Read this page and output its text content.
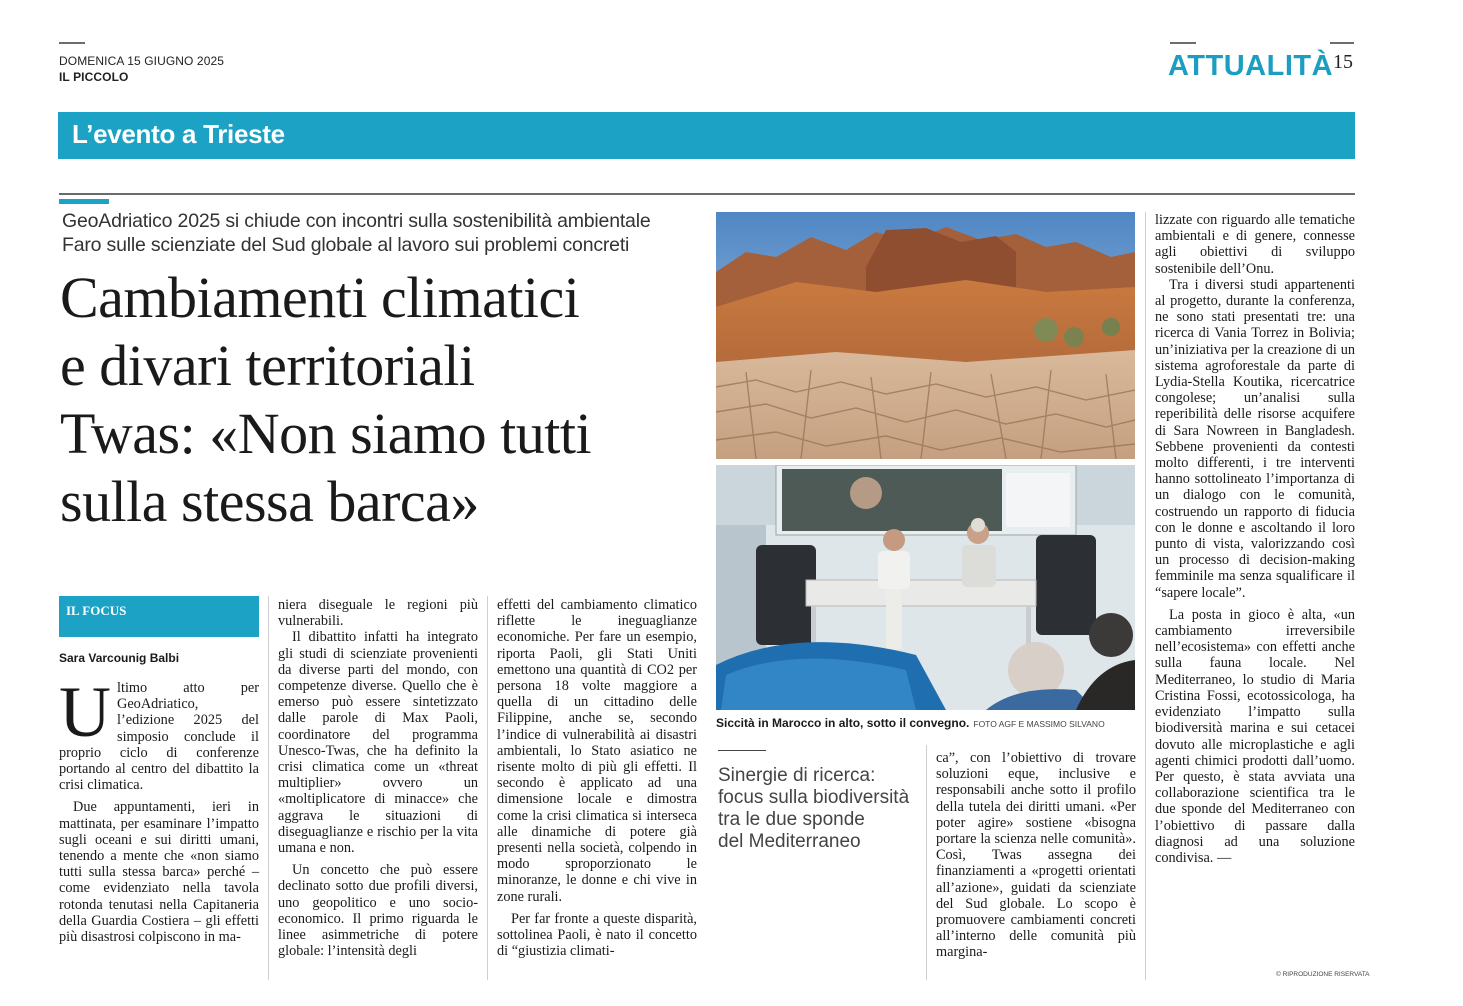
DOMENICA 15 GIUGNO 2025
IL PICCOLO	ATTUALITÀ 15
L’evento a Trieste
GeoAdriatico 2025 si chiude con incontri sulla sostenibilità ambientale
Faro sulle scienziate del Sud globale al lavoro sui problemi concreti
Cambiamenti climatici
e divari territoriali
Twas: «Non siamo tutti
sulla stessa barca»
IL FOCUS
Sara Varcounig Balbi

Ultimo atto per GeoAdriatico, l’edizione 2025 del simposio conclude il proprio ciclo di conferenze portando al centro del dibattito la crisi climatica.

Due appuntamenti, ieri in mattinata, per esaminare l’impatto sugli oceani e sui diritti umani, tenendo a mente che «non siamo tutti sulla stessa barca» perché – come evidenziato nella tavola rotonda tenutasi nella Capitaneria della Guardia Costiera – gli effetti più disastrosi colpiscono in ma-

niera diseguale le regioni più vulnerabili.

Il dibattito infatti ha integrato gli studi di scienziate provenienti da diverse parti del mondo, con competenze diverse. Quello che è emerso può essere sintetizzato dalle parole di Max Paoli, coordinatore del programma Unesco-Twas, che ha definito la crisi climatica come un «threat multiplier» ovvero un «moltiplicatore di minacce» che aggrava le situazioni di diseguaglianze e rischio per la vita umana e non.

Un concetto che può essere declinato sotto due profili diversi, uno geopolitico e uno socio-economico. Il primo riguarda le linee asimmetriche di potere globale: l’intensità degli

effetti del cambiamento climatico riflette le ineguaglianze economiche. Per fare un esempio, riporta Paoli, gli Stati Uniti emettono una quantità di CO2 per persona 18 volte maggiore a quella di un cittadino delle Filippine, anche se, secondo l’indice di vulnerabilità ai disastri ambientali, lo Stato asiatico ne risente molto di più gli effetti. Il secondo è applicato ad una dimensione locale e dimostra come la crisi climatica si interseca alle dinamiche di potere già presenti nella società, colpendo in modo sproporzionato le minoranze, le donne e chi vive in zone rurali.

Per far fronte a queste disparità, sottolinea Paoli, è nato il concetto di “giustizia climati-

Siccità in Marocco in alto, sotto il convegno. FOTO AGF E MASSIMO SILVANO
Sinergie di ricerca:
focus sulla biodiversità
tra le due sponde
del Mediterraneo

ca”, con l’obiettivo di trovare soluzioni eque, inclusive e responsabili anche sotto il profilo della tutela dei diritti umani. «Per poter agire» sostiene «bisogna portare la scienza nelle comunità». Così, Twas assegna dei finanziamenti a «progetti orientati all’azione», guidati da scienziate del Sud globale. Lo scopo è promuovere cambiamenti concreti all’interno delle comunità più margina-

lizzate con riguardo alle tematiche ambientali e di genere, connesse agli obiettivi di sviluppo sostenibile dell’Onu.

Tra i diversi studi appartenenti al progetto, durante la conferenza, ne sono stati presentati tre: una ricerca di Vania Torrez in Bolivia; un’iniziativa per la creazione di un sistema agroforestale da parte di Lydia-Stella Koutika, ricercatrice congolese; un’analisi sulla reperibilità delle risorse acquifere di Sara Nowreen in Bangladesh. Sebbene provenienti da contesti molto differenti, i tre interventi hanno sottolineato l’importanza di un dialogo con le comunità, costruendo un rapporto di fiducia con le donne e ascoltando il loro punto di vista, valorizzando così un processo di decision-making femminile ma senza squalificare il “sapere locale”.

La posta in gioco è alta, «un cambiamento irreversibile nell’ecosistema» con effetti anche sulla fauna locale. Nel Mediterraneo, lo studio di Maria Cristina Fossi, ecotossicologa, ha evidenziato l’impatto sulla biodiversità marina e sui cetacei dovuto alle microplastiche e agli agenti chimici prodotti dall’uomo. Per questo, è stata avviata una collaborazione scientifica tra le due sponde del Mediterraneo con l’obiettivo di passare dalla diagnosi ad una soluzione condivisa. —

© RIPRODUZIONE RISERVATA
